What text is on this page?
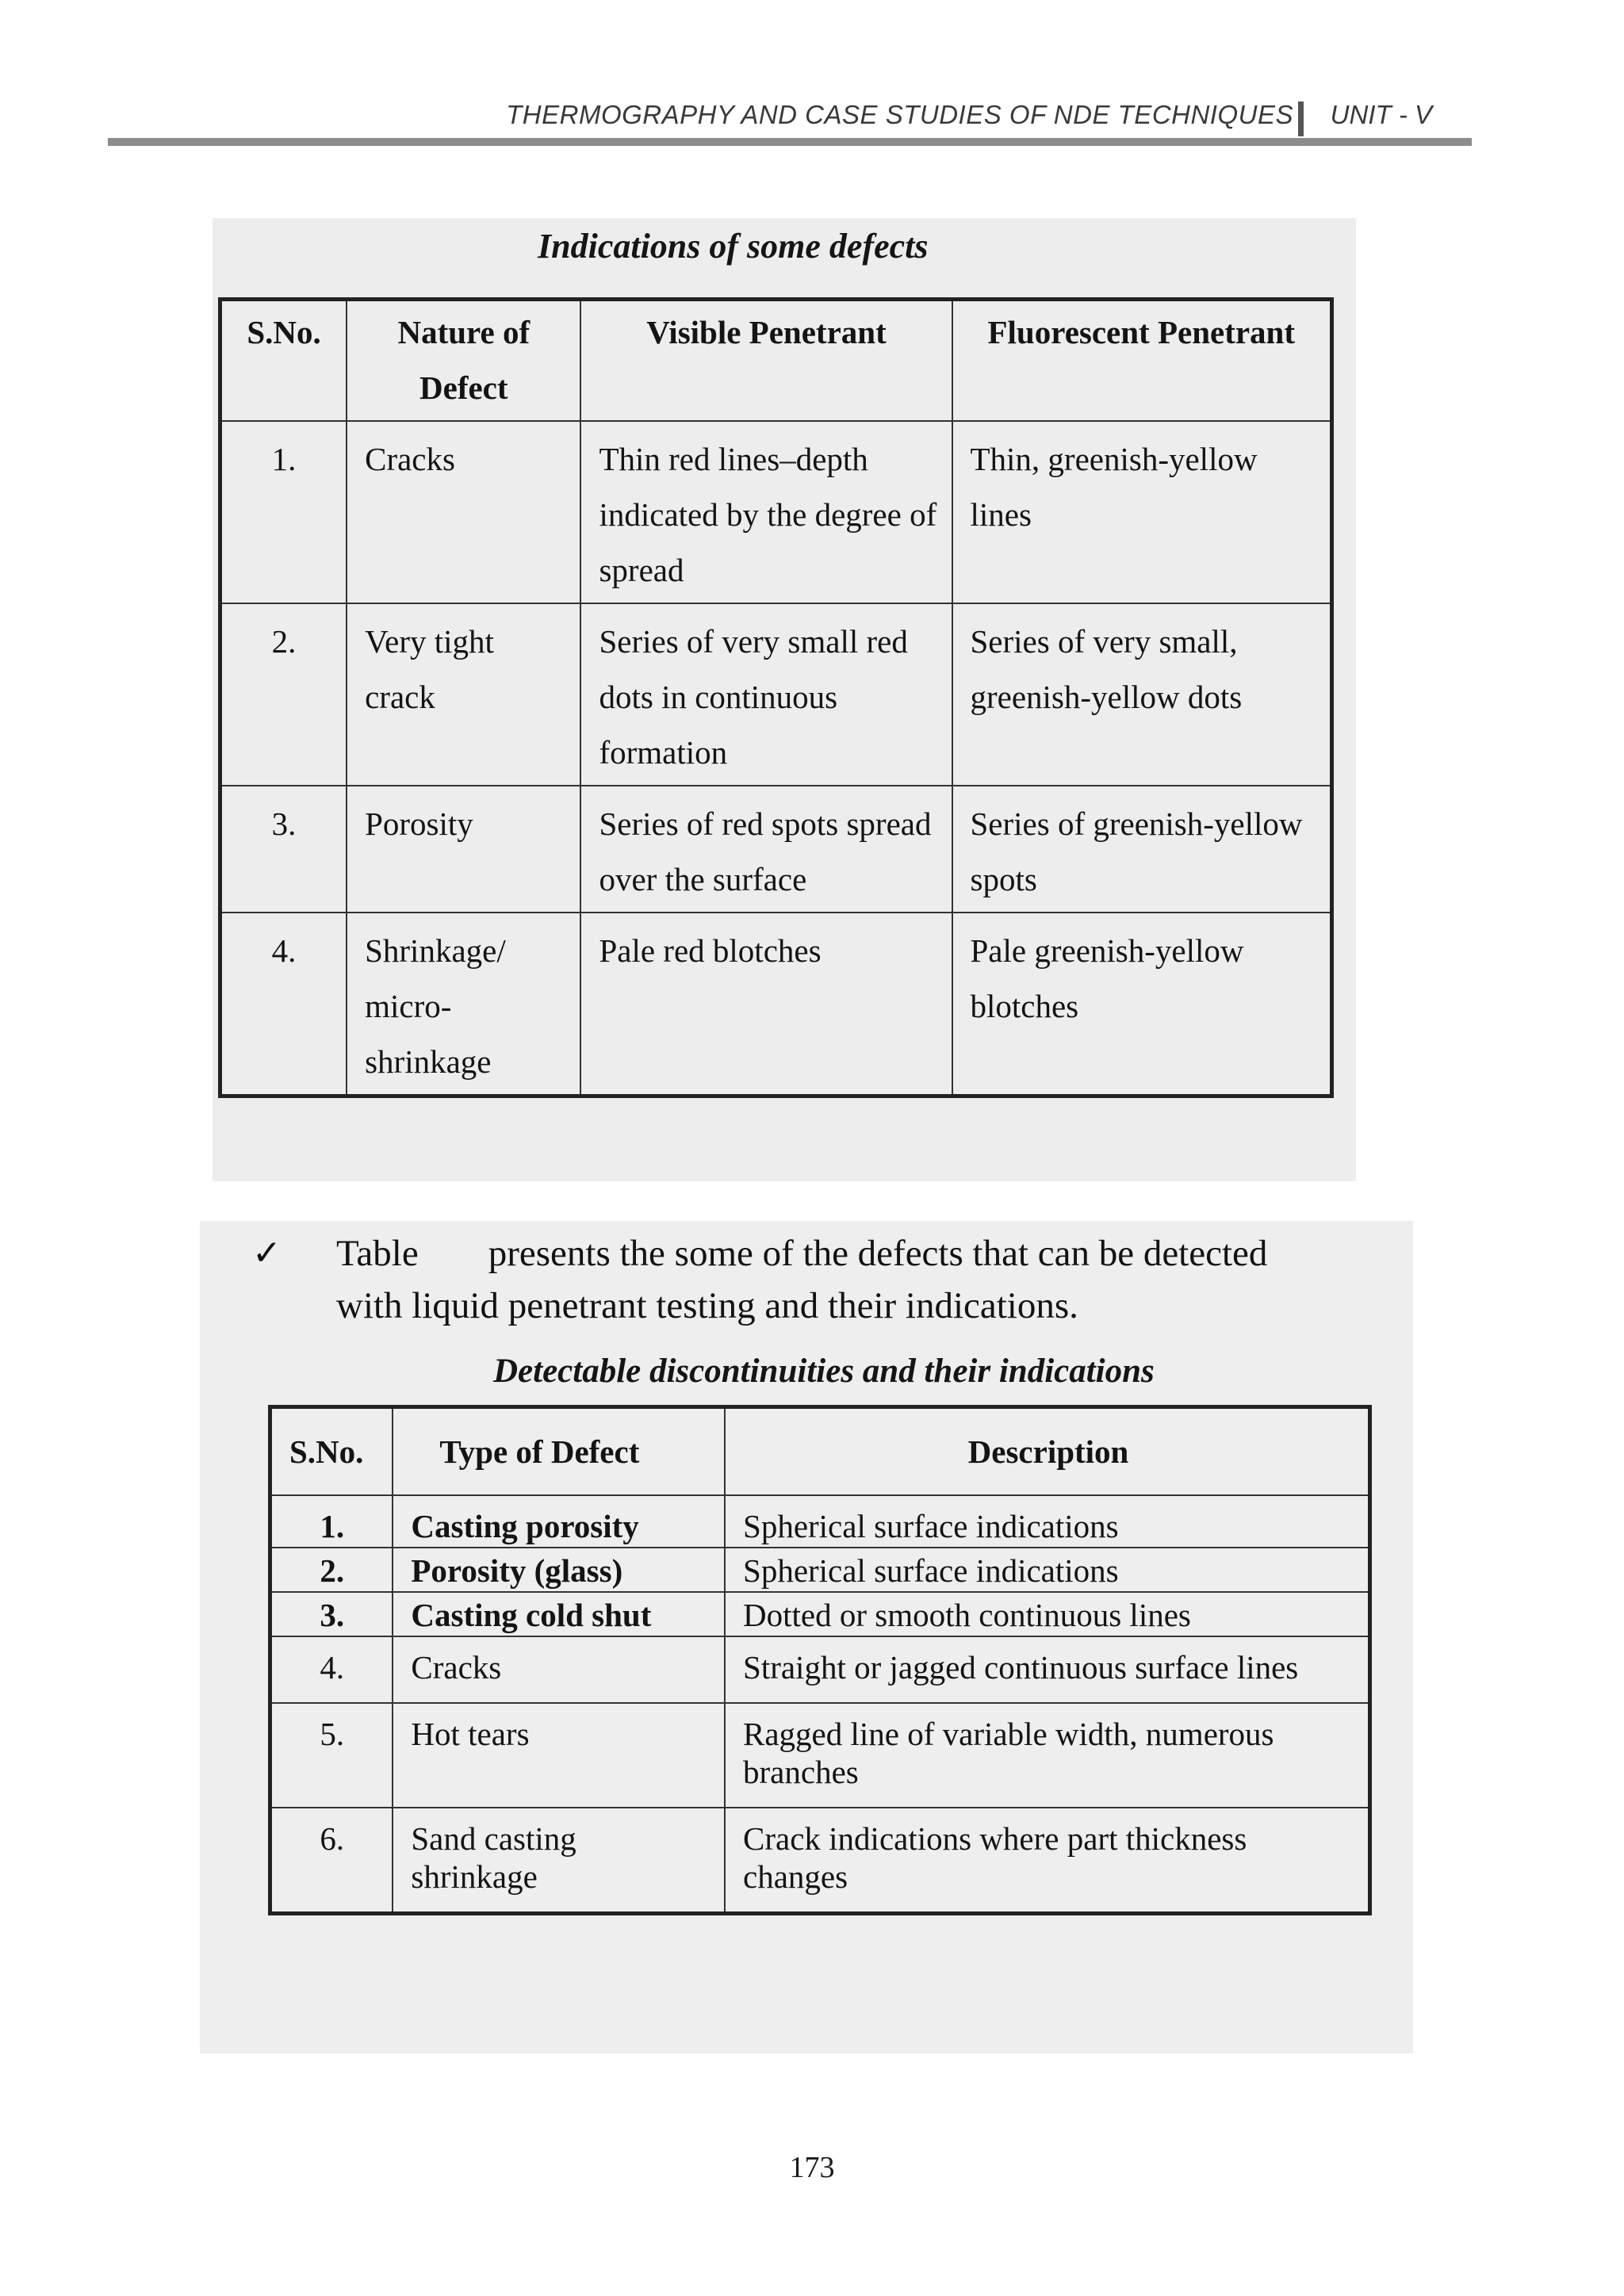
THERMOGRAPHY AND CASE STUDIES OF NDE TECHNIQUES UNIT - V
Indications of some defects
S.No.	Nature of Defect	Visible Penetrant	Fluorescent Penetrant
1.	Cracks	Thin red lines–depth indicated by the degree of spread	Thin, greenish-yellow lines
2.	Very tight crack	Series of very small red dots in continuous formation	Series of very small, greenish-yellow dots
3.	Porosity	Series of red spots spread over the surface	Series of greenish-yellow spots
4.	Shrinkage/ micro-shrinkage	Pale red blotches	Pale greenish-yellow blotches
✓ Table presents the some of the defects that can be detected
with liquid penetrant testing and their indications.
Detectable discontinuities and their indications
S.No.	Type of Defect	Description
1.	Casting porosity	Spherical surface indications
2.	Porosity (glass)	Spherical surface indications
3.	Casting cold shut	Dotted or smooth continuous lines
4.	Cracks	Straight or jagged continuous surface lines
5.	Hot tears	Ragged line of variable width, numerous branches
6.	Sand casting shrinkage	Crack indications where part thickness changes
173
